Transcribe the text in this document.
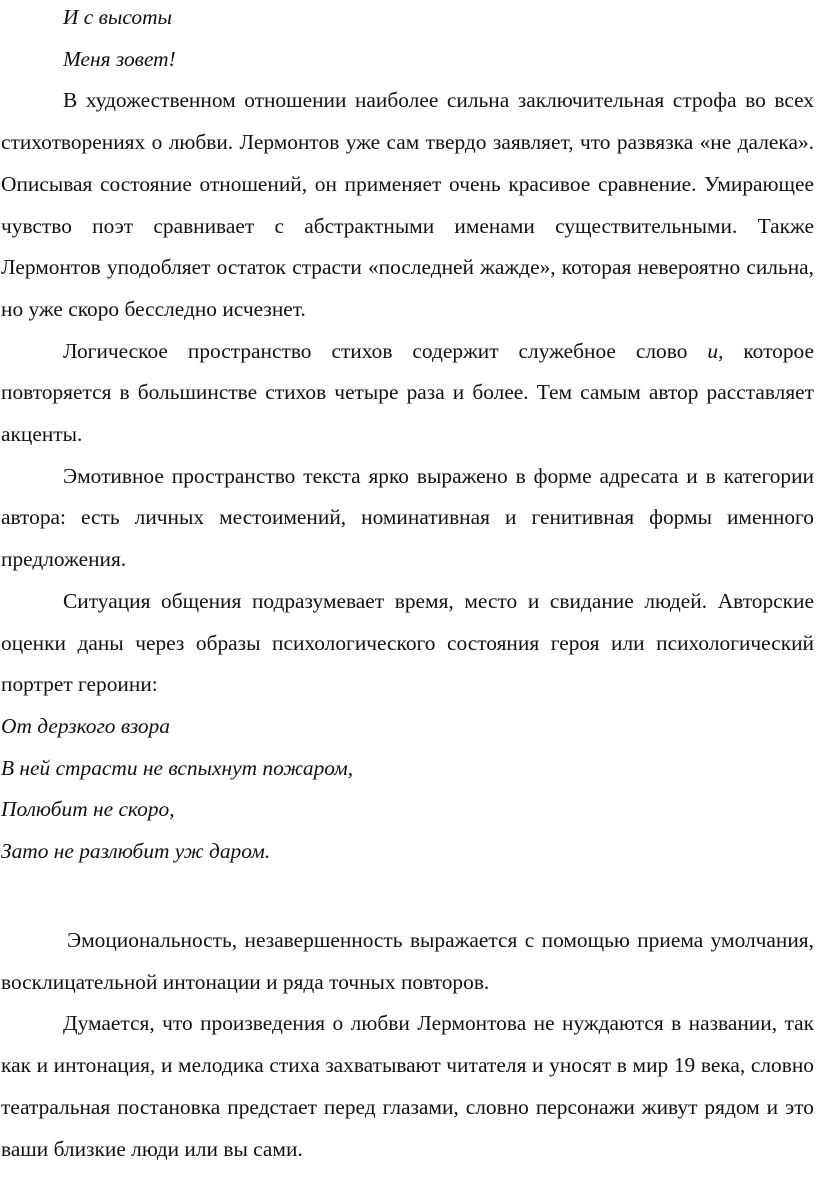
И с высоты
Меня зовет!

В художественном отношении наиболее сильна заключительная строфа во всех стихотворениях о любви. Лермонтов уже сам твердо заявляет, что развязка «не далека». Описывая состояние отношений, он применяет очень красивое сравнение. Умирающее чувство поэт сравнивает с абстрактными именами существительными. Также Лермонтов уподобляет остаток страсти «последней жажде», которая невероятно сильна, но уже скоро бесследно исчезнет.

Логическое пространство стихов содержит служебное слово и, которое повторяется в большинстве стихов четыре раза и более. Тем самым автор расставляет акценты.

Эмотивное пространство текста ярко выражено в форме адресата и в категории автора: есть личных местоимений, номинативная и генитивная формы именного предложения.

Ситуация общения подразумевает время, место и свидание людей. Авторские оценки даны через образы психологического состояния героя или психологический портрет героини:

От дерзкого взора
В ней страсти не вспыхнут пожаром,
Полюбит не скоро,
Зато не разлюбит уж даром.

Эмоциональность, незавершенность выражается с помощью приема умолчания, восклицательной интонации и ряда точных повторов.

Думается, что произведения о любви Лермонтова не нуждаются в названии, так как и интонация, и мелодика стиха захватывают читателя и уносят в мир 19 века, словно театральная постановка предстает перед глазами, словно персонажи живут рядом и это ваши близкие люди или вы сами.
